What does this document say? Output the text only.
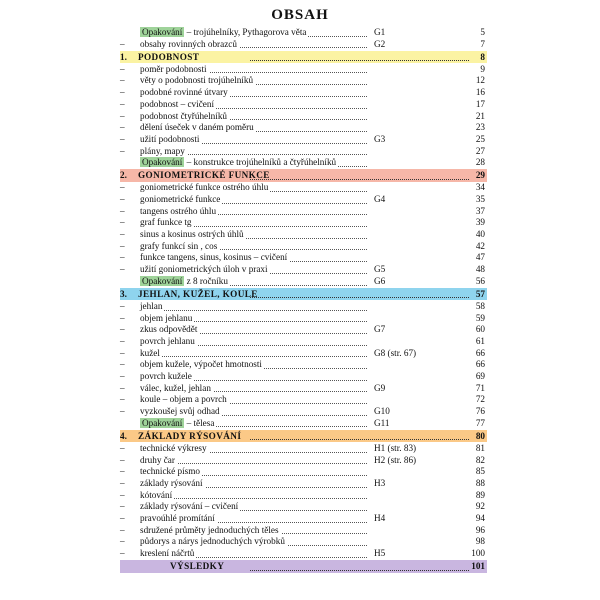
OBSAH
Opakování – trojúhelníky, Pythagorova věta	G1	5
–	obsahy rovinných obrazců	G2	7
1.	PODOBNOST	8
–	poměr podobnosti	9
–	věty o podobnosti trojúhelníků	12
–	podobné rovinné útvary	16
–	podobnost – cvičení	17
–	podobnost čtyřúhelníků	21
–	dělení úseček v daném poměru	23
–	užití podobnosti	G3	25
–	plány, mapy	27
Opakování – konstrukce trojúhelníků a čtyřúhelníků	28
2.	GONIOMETRICKÉ FUNKCE	29
–	goniometrické funkce ostrého úhlu	34
–	goniometrické funkce	G4	35
–	tangens ostrého úhlu	37
–	graf funkce tg	39
–	sinus a kosinus ostrých úhlů	40
–	grafy funkcí sin , cos	42
–	funkce tangens, sinus, kosinus – cvičení	47
–	užití goniometrických úloh v praxi	G5	48
Opakování z 8 ročníku	G6	56
3.	JEHLAN, KUŽEL, KOULE	57
–	jehlan	58
–	objem jehlanu	59
–	zkus odpovědět	G7	60
–	povrch jehlanu	61
–	kužel	G8 (str. 67)	66
–	objem kužele, výpočet hmotnosti	66
–	povrch kužele	69
–	válec, kužel, jehlan	G9	71
–	koule – objem a povrch	72
–	vyzkoušej svůj odhad	G10	76
Opakování – tělesa	G11	77
4.	ZÁKLADY RÝSOVÁNÍ	80
–	technické výkresy	H1 (str. 83)	81
–	druhy čar	H2 (str. 86)	82
–	technické písmo	85
–	základy rýsování	H3	88
–	kótování	89
–	základy rýsování – cvičení	92
–	pravoúhlé promítání	H4	94
–	sdružené průměty jednoduchých těles	96
–	půdorys a nárys jednoduchých výrobků	98
–	kreslení náčrtů	H5	100
VÝSLEDKY	101
